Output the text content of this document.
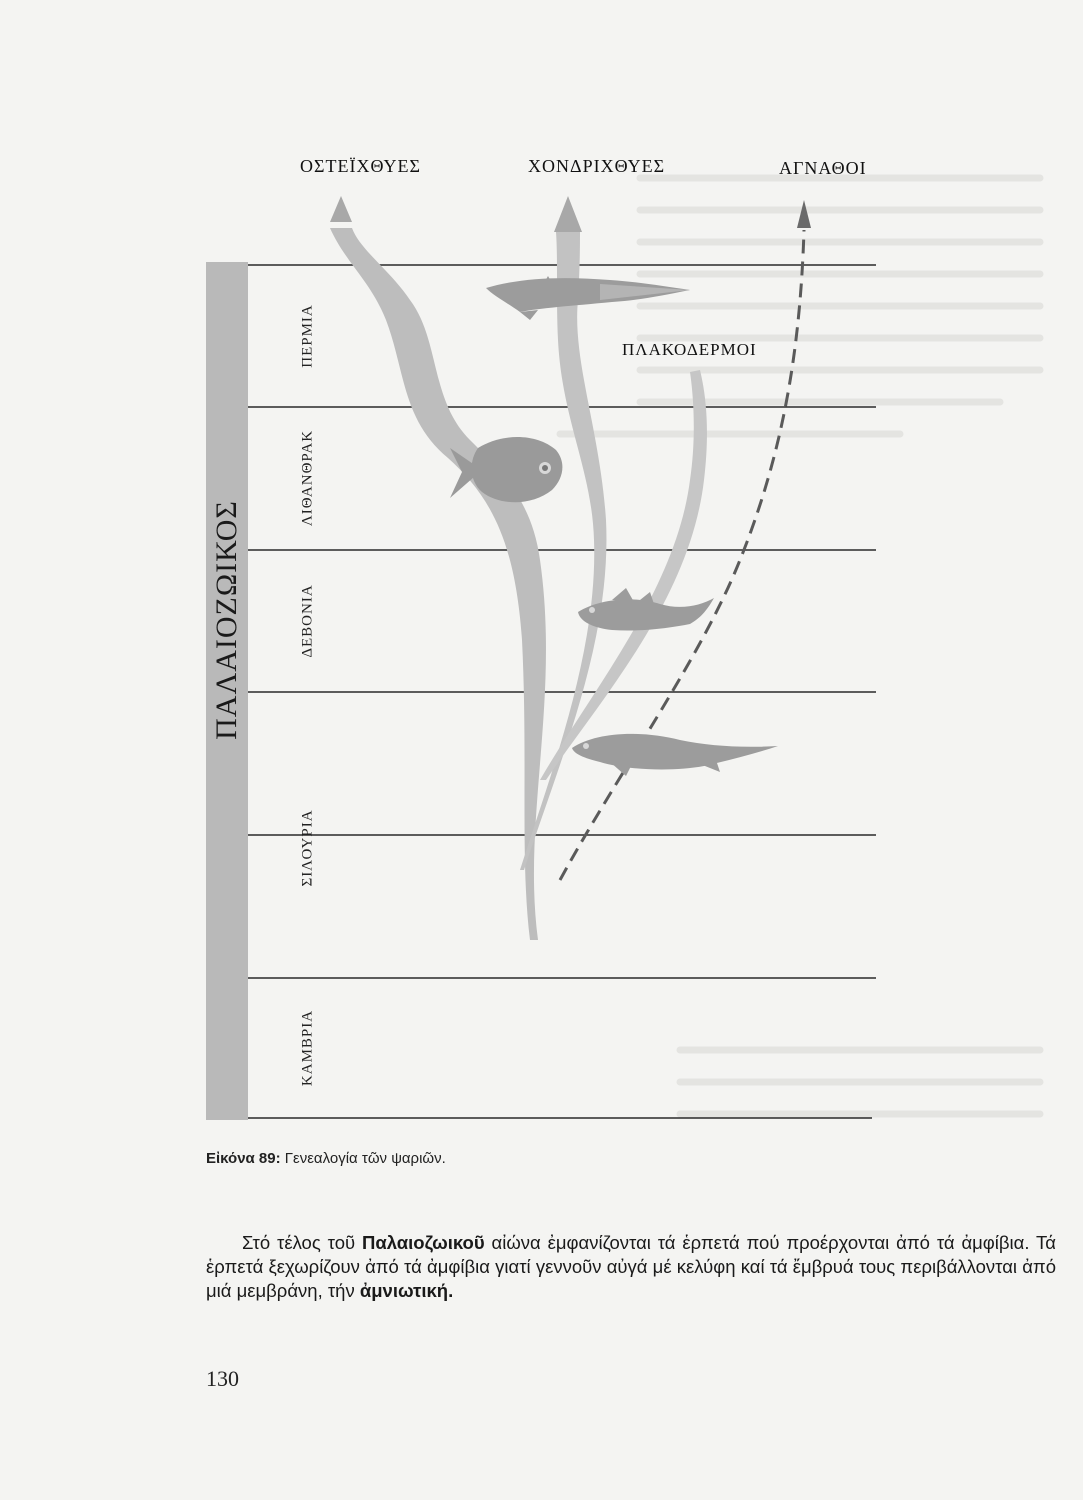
ΠΑΛΑΙΟΖΩΙΚΟΣ
ΠΕΡΜΙΑ
ΛΙΘΑΝΘΡΑΚ
ΔΕΒΟΝΙΑ
ΣΙΛΟΥΡΙΑ
ΚΑΜΒΡΙΑ
ΟΣΤΕΪΧΘΥΕΣ	ΧΟΝΔΡΙΧΘΥΕΣ	ΑΓΝΑΘΟΙ
ΠΛΑΚΟΔΕΡΜΟΙ
Εἰκόνα 89: Γενεαλογία τῶν ψαριῶν.

Στό τέλος τοῦ Παλαιοζωικοῦ αἰώνα ἐμφανίζονται τά ἑρπετά πού προέρχονται ἀπό τά ἀμφίβια. Τά ἑρπετά ξεχωρίζουν ἀπό τά ἀμφίβια γιατί γεννοῦν αὐγά μέ κελύφη καί τά ἔμβρυά τους περιβάλλονται ἀπό μιά μεμβράνη, τήν ἀμνιωτική.

130
